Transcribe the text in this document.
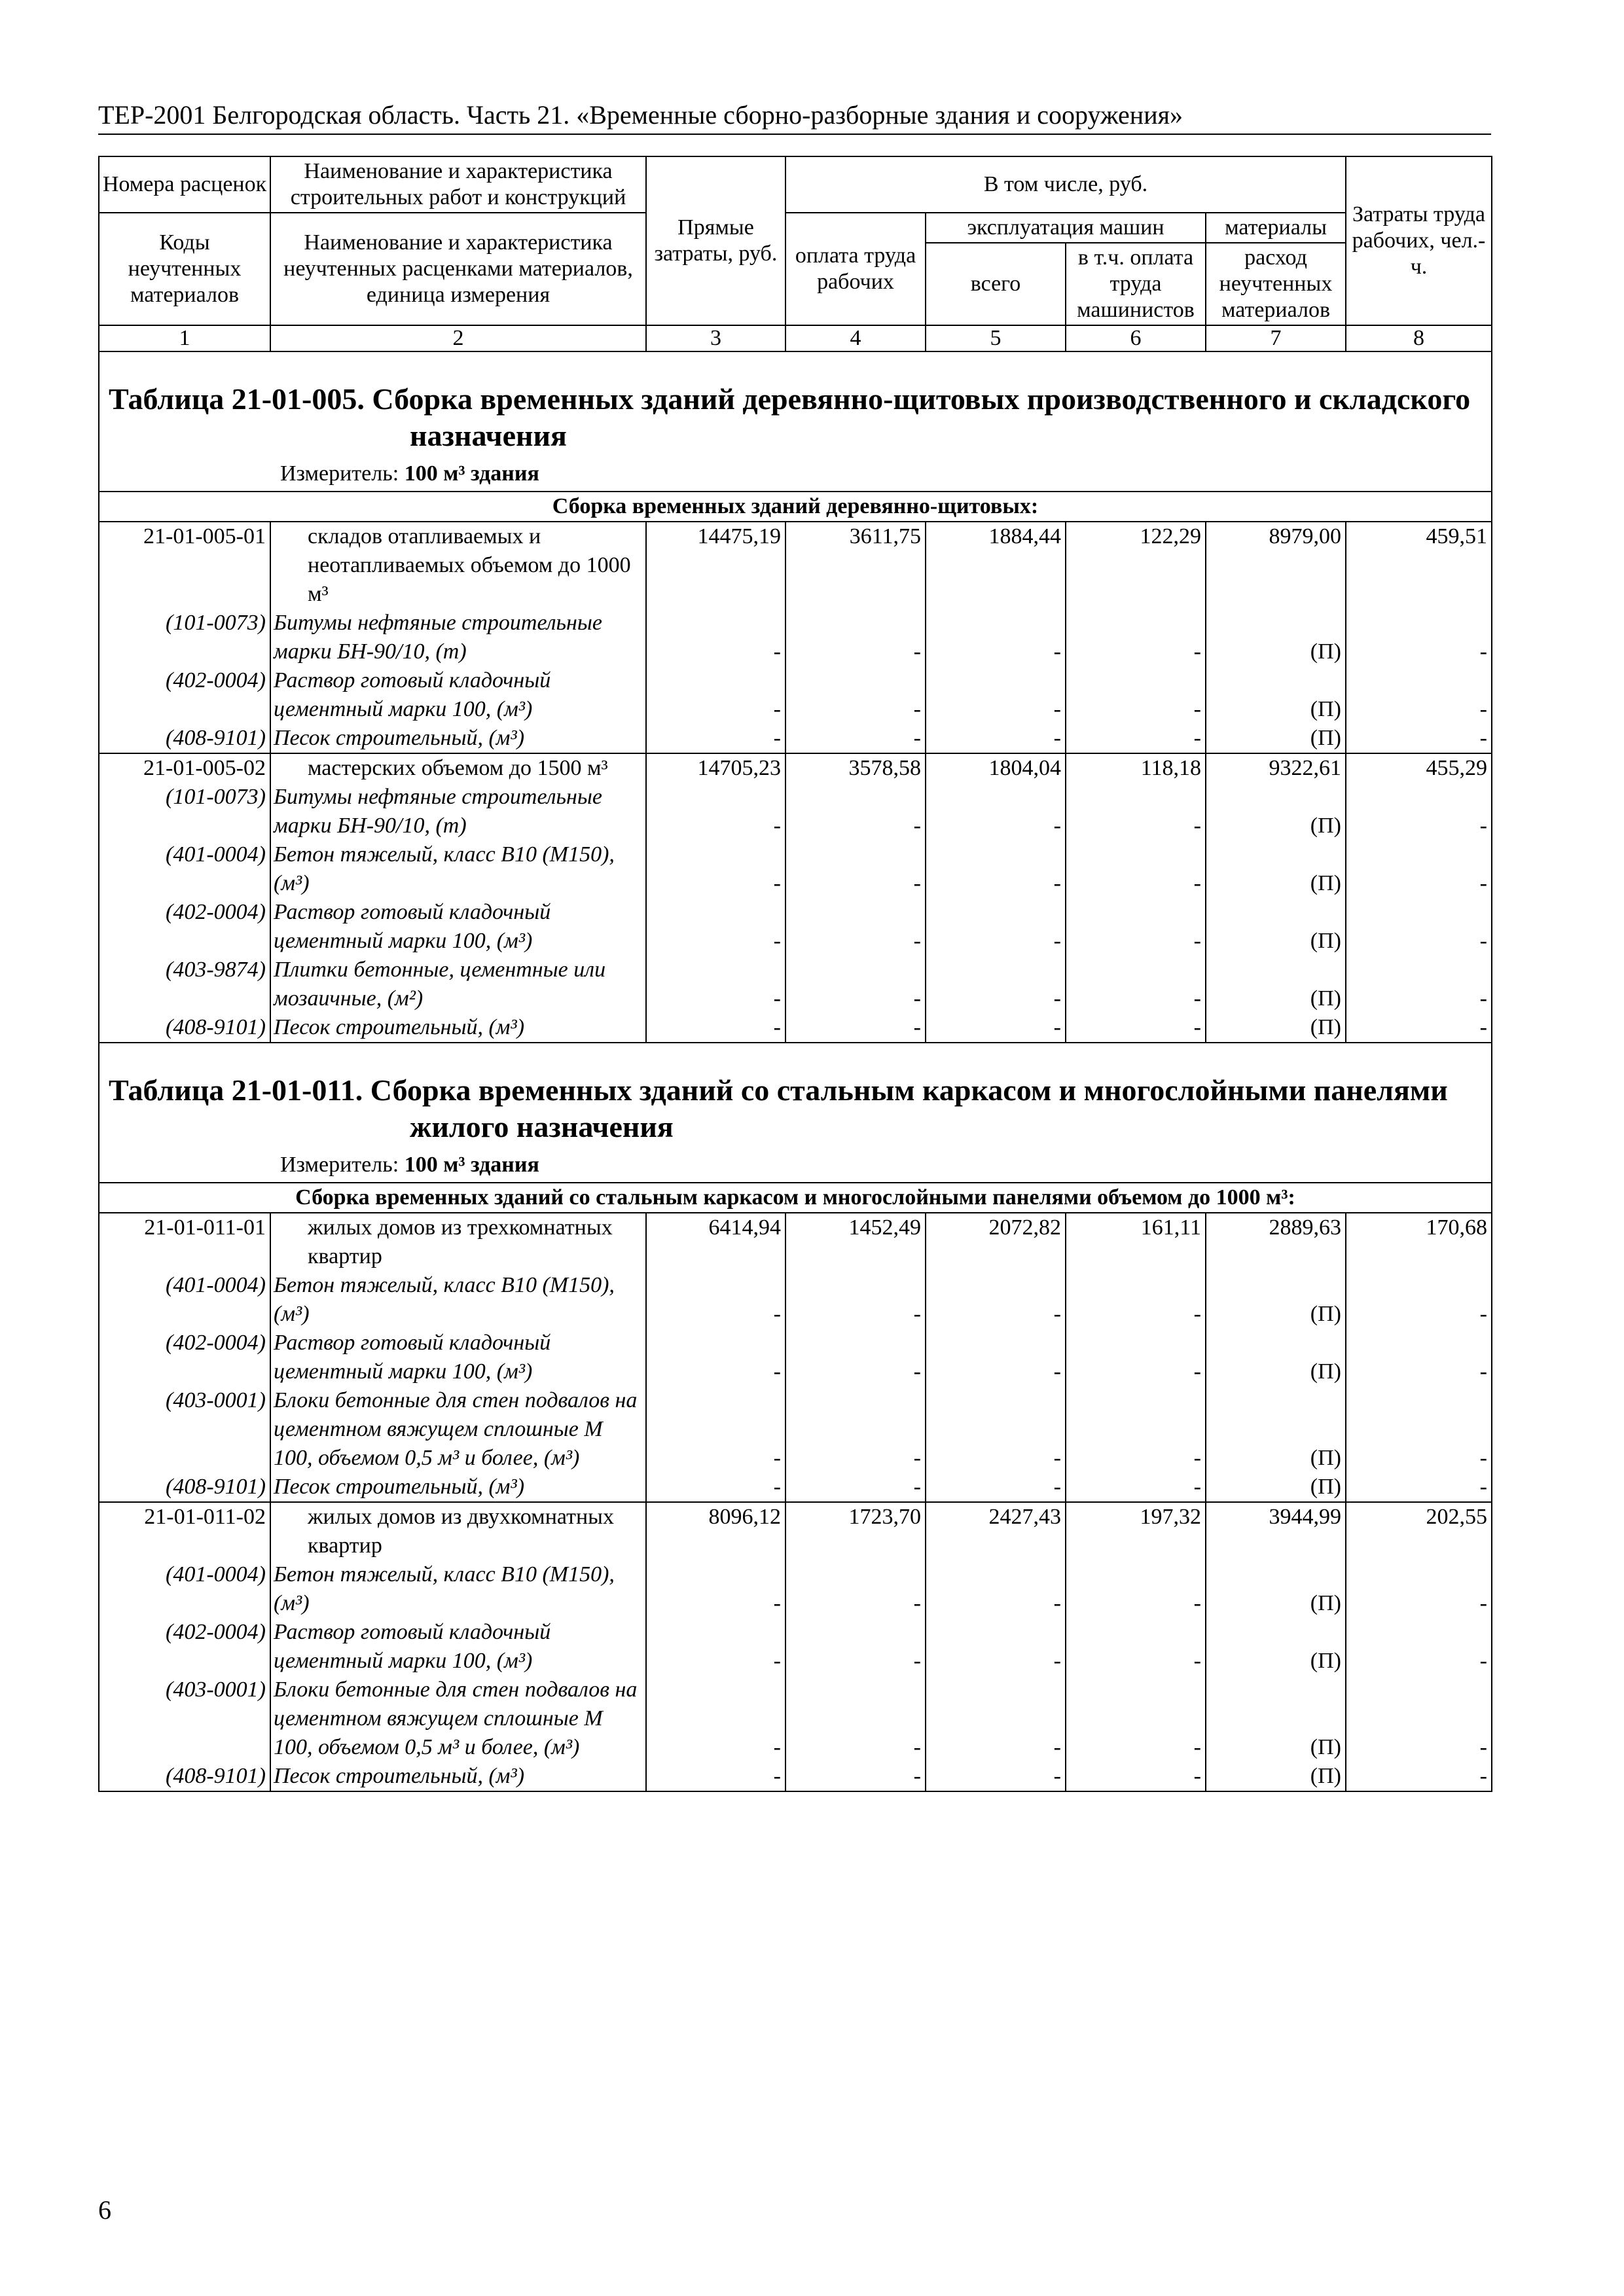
ТЕР-2001 Белгородская область. Часть 21. «Временные сборно-разборные здания и сооружения»
Номера расценок	Наименование и характеристика строительных работ и конструкций	Прямые затраты, руб.	В том числе, руб.				Затраты труда рабочих, чел.-ч.
Коды неучтенных материалов	Наименование и характеристика неучтенных расценками материалов, единица измерения		оплата труда рабочих	эксплуатация машин		материалы	
				всего	в т.ч. оплата труда машинистов	расход неучтенных материалов	
1	2	3	4	5	6	7	8

Таблица 21-01-005. Сборка временных зданий деревянно-щитовых производственного и складского назначения							

Измеритель: 100 м³ здания							
Сборка временных зданий деревянно-щитовых:							
21-01-005-01	складов отапливаемых и неотапливаемых объемом до 1000 м³	14475,19	3611,75	1884,44	122,29	8979,00	459,51
(101-0073)	Битумы нефтяные строительные марки БН-90/10, (т)	-	-	-	-	(П)	-
(402-0004)	Раствор готовый кладочный цементный марки 100, (м³)	-	-	-	-	(П)	-
(408-9101)	Песок строительный, (м³)	-	-	-	-	(П)	-
21-01-005-02	мастерских объемом до 1500 м³	14705,23	3578,58	1804,04	118,18	9322,61	455,29
(101-0073)	Битумы нефтяные строительные марки БН-90/10, (т)	-	-	-	-	(П)	-
(401-0004)	Бетон тяжелый, класс В10 (М150), (м³)	-	-	-	-	(П)	-
(402-0004)	Раствор готовый кладочный цементный марки 100, (м³)	-	-	-	-	(П)	-
(403-9874)	Плитки бетонные, цементные или мозаичные, (м²)	-	-	-	-	(П)	-
(408-9101)	Песок строительный, (м³)	-	-	-	-	(П)	-

Таблица 21-01-011. Сборка временных зданий со стальным каркасом и многослойными панелями жилого назначения							

Измеритель: 100 м³ здания							
Сборка временных зданий со стальным каркасом и многослойными панелями объемом до 1000 м³:							
21-01-011-01	жилых домов из трехкомнатных квартир	6414,94	1452,49	2072,82	161,11	2889,63	170,68
(401-0004)	Бетон тяжелый, класс В10 (М150), (м³)	-	-	-	-	(П)	-
(402-0004)	Раствор готовый кладочный цементный марки 100, (м³)	-	-	-	-	(П)	-
(403-0001)	Блоки бетонные для стен подвалов на цементном вяжущем сплошные М 100, объемом 0,5 м³ и более, (м³)	-	-	-	-	(П)	-
(408-9101)	Песок строительный, (м³)	-	-	-	-	(П)	-
21-01-011-02	жилых домов из двухкомнатных квартир	8096,12	1723,70	2427,43	197,32	3944,99	202,55
(401-0004)	Бетон тяжелый, класс В10 (М150), (м³)	-	-	-	-	(П)	-
(402-0004)	Раствор готовый кладочный цементный марки 100, (м³)	-	-	-	-	(П)	-
(403-0001)	Блоки бетонные для стен подвалов на цементном вяжущем сплошные М 100, объемом 0,5 м³ и более, (м³)	-	-	-	-	(П)	-
(408-9101)	Песок строительный, (м³)	-	-	-	-	(П)	-
6
